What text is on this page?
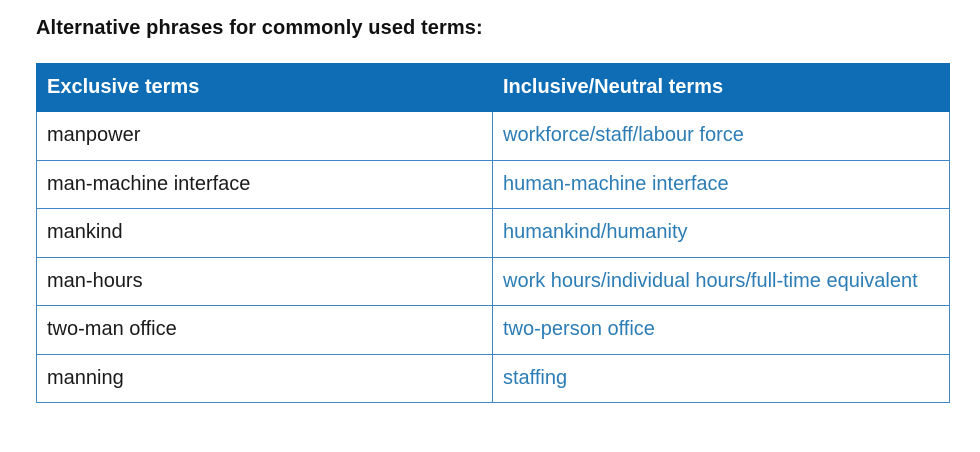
Alternative phrases for commonly used terms:
Exclusive terms	Inclusive/Neutral terms
manpower	workforce/staff/labour force
man-machine interface	human-machine interface
mankind	humankind/humanity
man-hours	work hours/individual hours/full-time equivalent
two-man office	two-person office
manning	staffing
